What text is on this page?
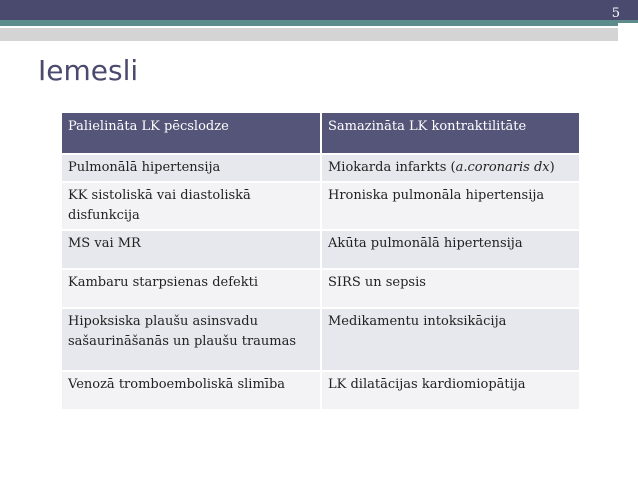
5
Iemesli
Palielināta LK pēcslodze	Samazināta LK kontraktilitāte
Pulmonālā hipertensija	Miokarda infarkts (a.coronaris dx)
KK sistoliskā vai diastoliskā disfunkcija	Hroniska pulmonāla hipertensija
MS vai MR	Akūta pulmonālā hipertensija
Kambaru starpsienas defekti	SIRS un sepsis
Hipoksiska plaušu asinsvadu sašaurināšanās un plaušu traumas	Medikamentu intoksikācija
Venozā tromboemboliskā slimība	LK dilatācijas kardiomiopātija
